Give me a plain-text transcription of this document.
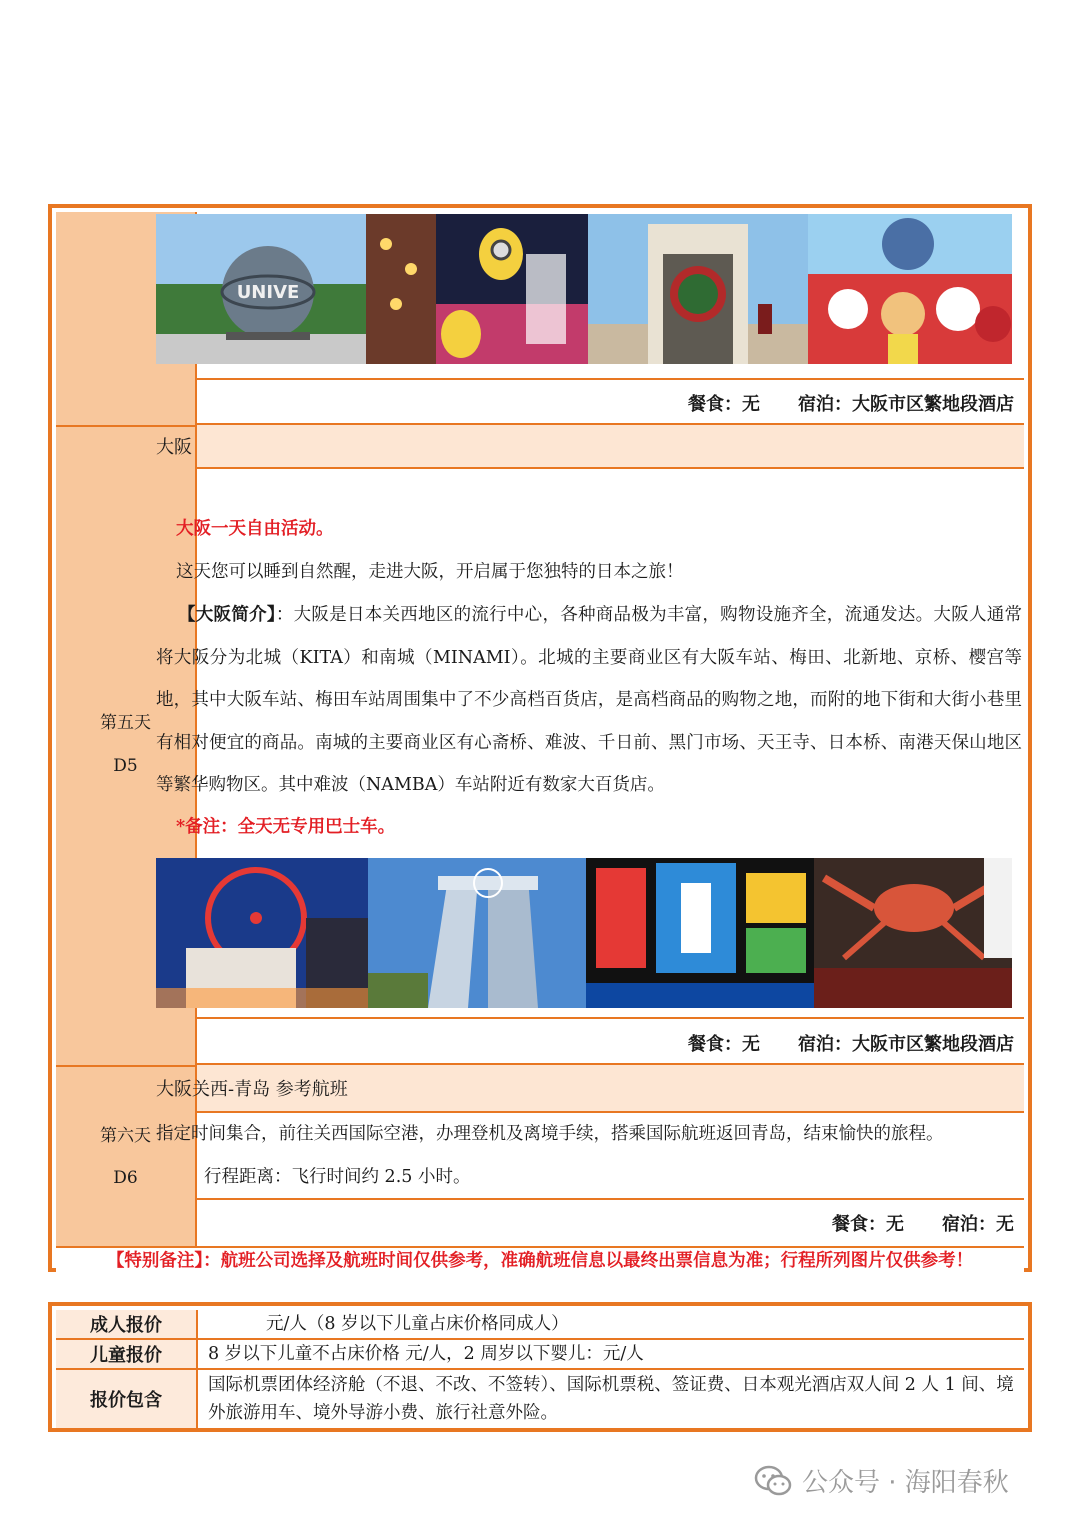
第五天
D5
第六天
D6
UNIVE
餐食：无 宿泊：大阪市区繁地段酒店
大阪
大阪一天自由活动。
这天您可以睡到自然醒，走进大阪，开启属于您独特的日本之旅！
【大阪简介】：大阪是日本关西地区的流行中心，各种商品极为丰富，购物设施齐全，流通发达。大阪人通常将大阪分为北城（KITA）和南城（MINAMI）。北城的主要商业区有大阪车站、梅田、北新地、京桥、樱宫等地，其中大阪车站、梅田车站周围集中了不少高档百货店，是高档商品的购物之地，而附的地下街和大街小巷里有相对便宜的商品。南城的主要商业区有心斋桥、难波、千日前、黑门市场、天王寺、日本桥、南港天保山地区等繁华购物区。其中难波（NAMBA）车站附近有数家大百货店。
*备注：全天无专用巴士车。
餐食：无 宿泊：大阪市区繁地段酒店
大阪关西-青岛 参考航班
指定时间集合，前往关西国际空港，办理登机及离境手续，搭乘国际航班返回青岛，结束愉快的旅程。
行程距离：飞行时间约 2.5 小时。
餐食：无 宿泊：无
【特别备注】：航班公司选择及航班时间仅供参考，准确航班信息以最终出票信息为准；行程所列图片仅供参考！
成人报价	元/人（8 岁以下儿童占床价格同成人）
儿童报价	8 岁以下儿童不占床价格 元/人，2 周岁以下婴儿：元/人
报价包含
国际机票团体经济舱（不退、不改、不签转）、国际机票税、签证费、日本观光酒店双人间 2 人 1 间、境外旅游用车、境外导游小费、旅行社意外险。
公众号 · 海阳春秋
